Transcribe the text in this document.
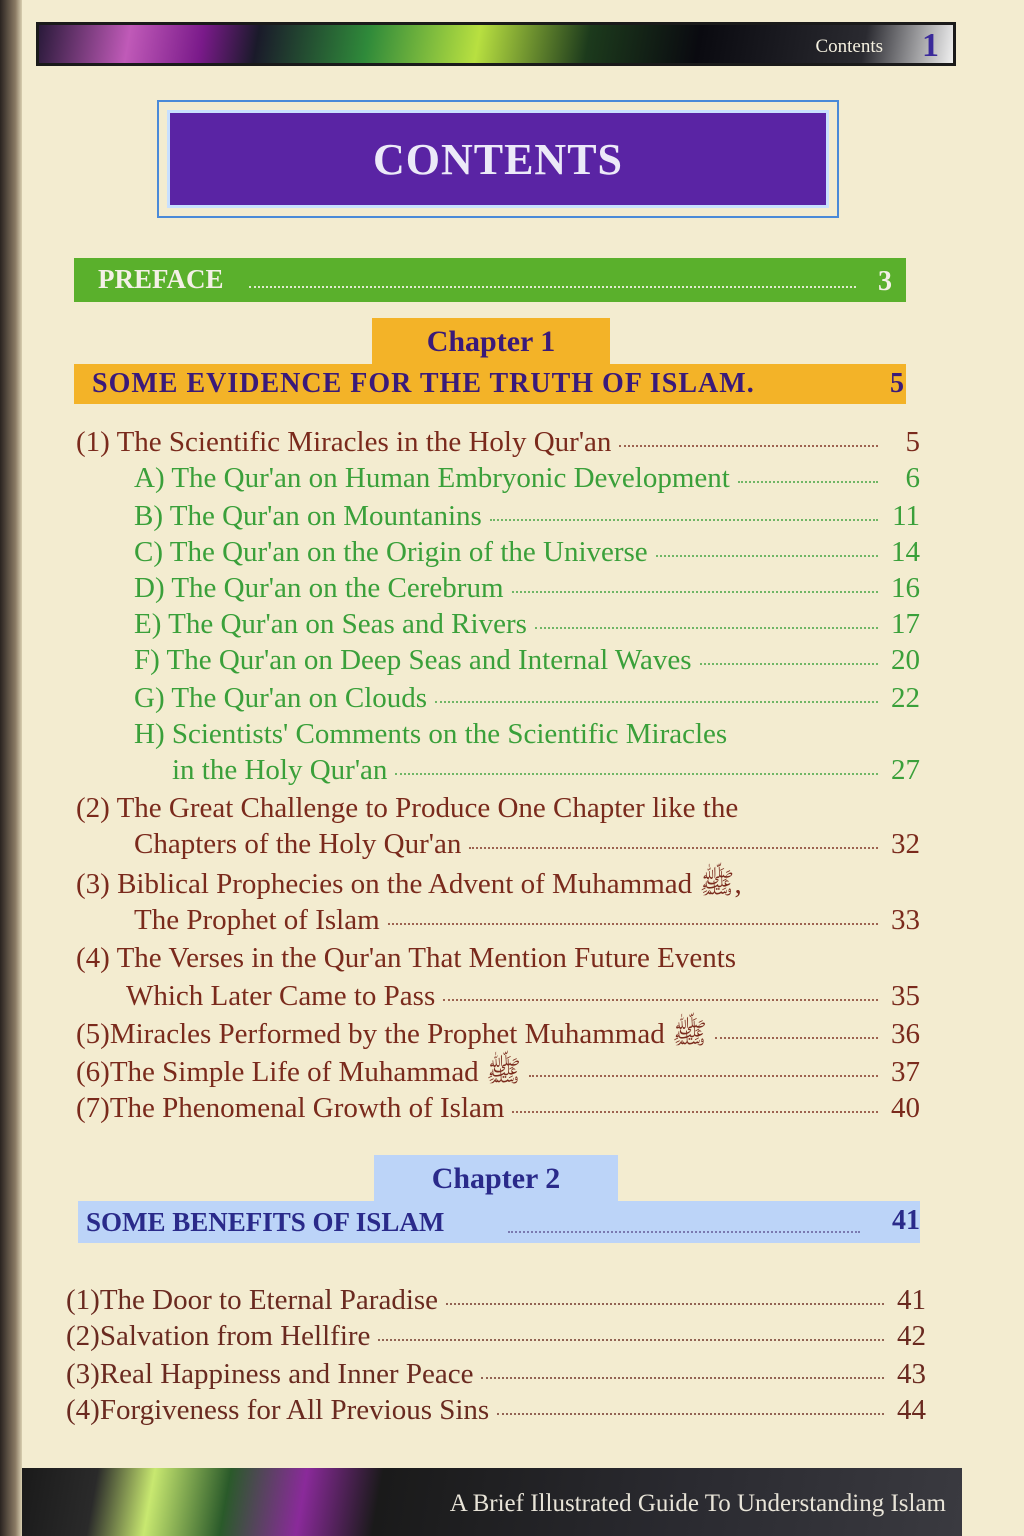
Contents 1
CONTENTS
PREFACE	3
Chapter 1
SOME EVIDENCE FOR THE TRUTH OF ISLAM.	5
(1) The Scientific Miracles in the Holy Qur'an	5
A) The Qur'an on Human Embryonic Development	6
B) The Qur'an on Mountanins	11
C) The Qur'an on the Origin of the Universe	14
D) The Qur'an on the Cerebrum	16
E) The Qur'an on Seas and Rivers	17
F) The Qur'an on Deep Seas and Internal Waves	20
G) The Qur'an on Clouds	22
H) Scientists' Comments on the Scientific Miracles
in the Holy Qur'an	27
(2) The Great Challenge to Produce One Chapter like the
Chapters of the Holy Qur'an	32
(3) Biblical Prophecies on the Advent of Muhammad ﷺ,
The Prophet of Islam	33
(4) The Verses in the Qur'an That Mention Future Events
Which Later Came to Pass	35
(5)Miracles Performed by the Prophet Muhammad ﷺ	36
(6)The Simple Life of Muhammad ﷺ	37
(7)The Phenomenal Growth of Islam	40
Chapter 2
SOME BENEFITS OF ISLAM	41
(1)The Door to Eternal Paradise	41
(2)Salvation from Hellfire	42
(3)Real Happiness and Inner Peace	43
(4)Forgiveness for All Previous Sins	44
A Brief Illustrated Guide To Understanding Islam
